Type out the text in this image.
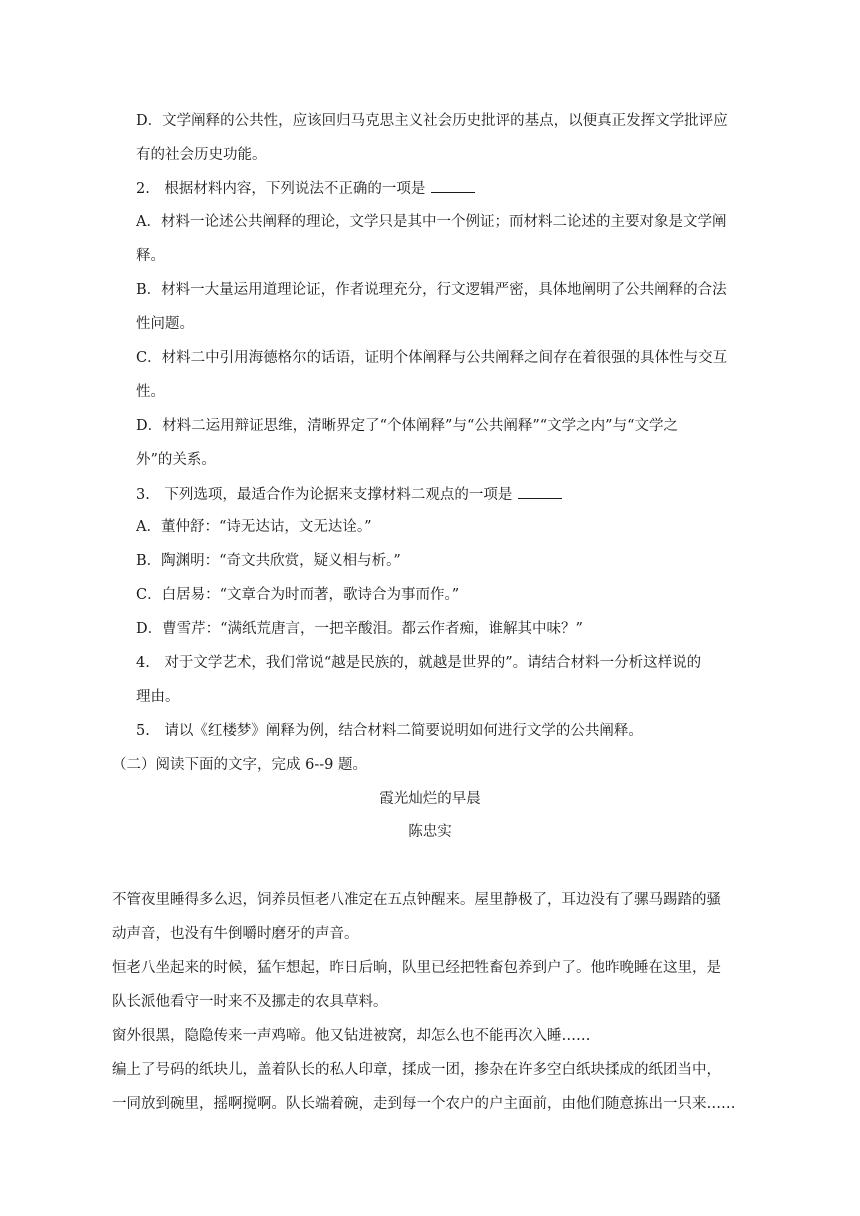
D．文学阐释的公共性，应该回归马克思主义社会历史批评的基点，以便真正发挥文学批评应
有的社会历史功能。
2.　根据材料内容，下列说法不正确的一项是
A．材料一论述公共阐释的理论，文学只是其中一个例证；而材料二论述的主要对象是文学阐
释。
B．材料一大量运用道理论证，作者说理充分，行文逻辑严密，具体地阐明了公共阐释的合法
性问题。
C．材料二中引用海德格尔的话语，证明个体阐释与公共阐释之间存在着很强的具体性与交互
性。
D．材料二运用辩证思维，清晰界定了“个体阐释”与“公共阐释”“文学之内”与“文学之
外”的关系。
3.　下列选项，最适合作为论据来支撑材料二观点的一项是
A．董仲舒：“诗无达诂，文无达诠。”
B．陶渊明：“奇文共欣赏，疑义相与析。”
C．白居易：“文章合为时而著，歌诗合为事而作。”
D．曹雪芹：“满纸荒唐言，一把辛酸泪。都云作者痴，谁解其中味？”
4.　对于文学艺术，我们常说“越是民族的，就越是世界的”。请结合材料一分析这样说的
理由。
5.　请以《红楼梦》阐释为例，结合材料二简要说明如何进行文学的公共阐释。
（二）阅读下面的文字，完成 6--9 题。
霞光灿烂的早晨
陈忠实
不管夜里睡得多么迟，饲养员恒老八准定在五点钟醒来。屋里静极了，耳边没有了骡马踢踏的骚
动声音，也没有牛倒嚼时磨牙的声音。
恒老八坐起来的时候，猛乍想起，昨日后晌，队里已经把牲畜包养到户了。他昨晚睡在这里，是
队长派他看守一时来不及挪走的农具草料。
窗外很黑，隐隐传来一声鸡啼。他又钻进被窝，却怎么也不能再次入睡……
编上了号码的纸块儿，盖着队长的私人印章，揉成一团，掺杂在许多空白纸块揉成的纸团当中，
一同放到碗里，摇啊搅啊。队长端着碗，走到每一个农户的户主面前，由他们随意拣出一只来……
